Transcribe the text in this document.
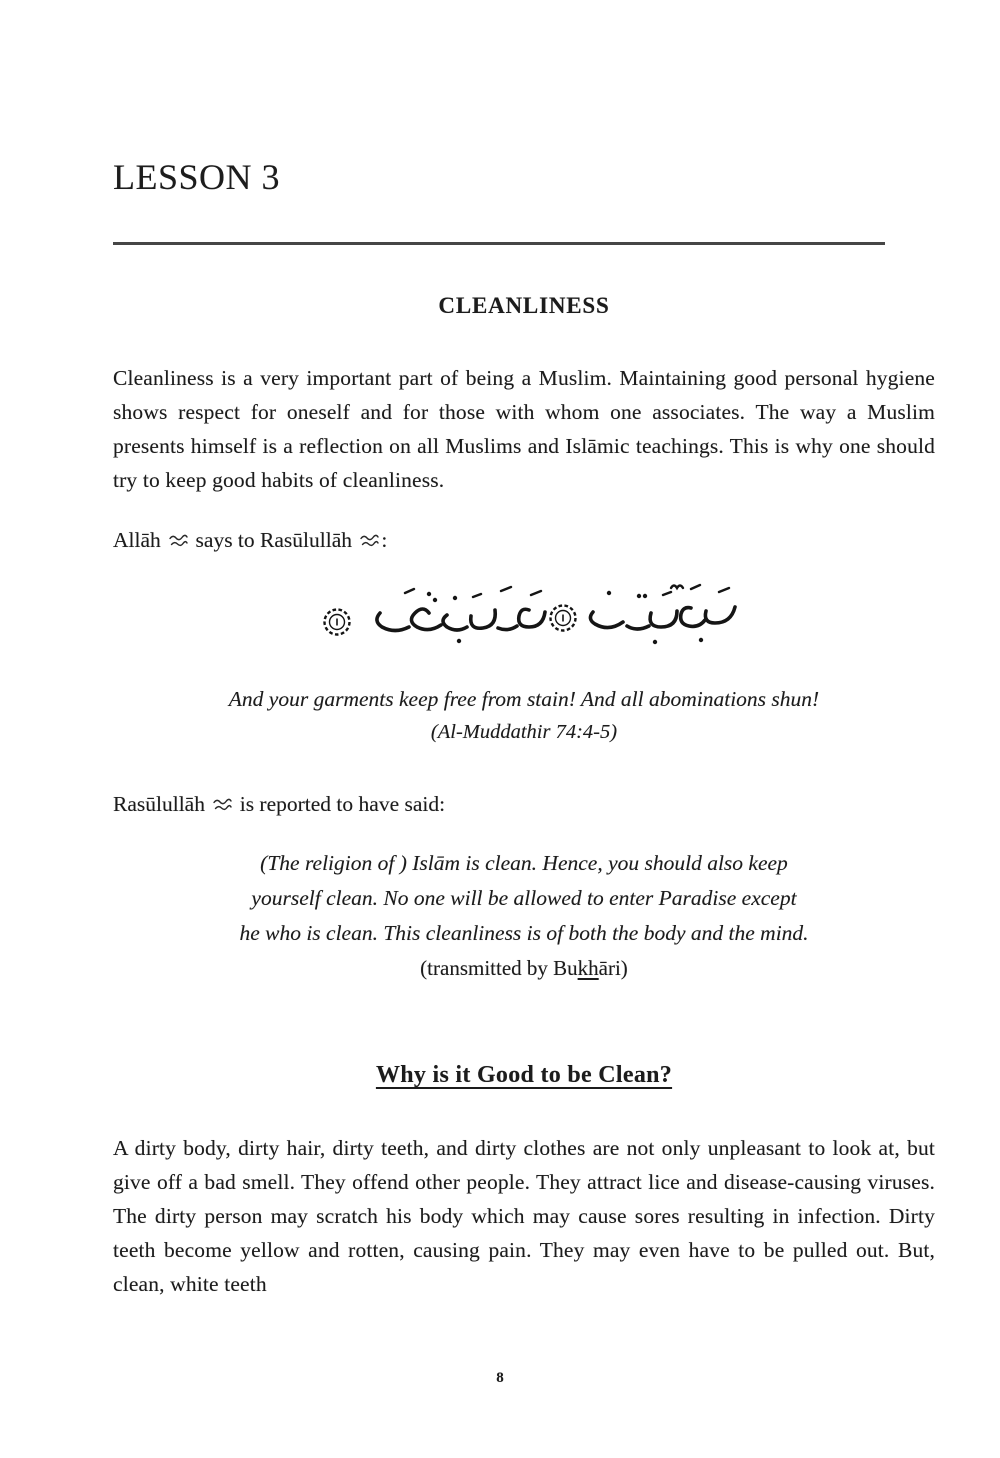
LESSON 3
CLEANLINESS

Cleanliness is a very important part of being a Muslim. Maintaining good personal hygiene shows respect for oneself and for those with whom one associates. The way a Muslim presents himself is a reflection on all Muslims and Islāmic teachings. This is why one should try to keep good habits of cleanliness.

Allāh says to Rasūlullāh :
And your garments keep free from stain! And all abominations shun!
(Al-Muddathir 74:4-5)
Rasūlullāh is reported to have said:
(The religion of ) Islām is clean. Hence, you should also keep
yourself clean. No one will be allowed to enter Paradise except
he who is clean. This cleanliness is of both the body and the mind.
(transmitted by Bukhāri)
Why is it Good to be Clean?

A dirty body, dirty hair, dirty teeth, and dirty clothes are not only unpleasant to look at, but give off a bad smell. They offend other people. They attract lice and disease-causing viruses. The dirty person may scratch his body which may cause sores resulting in infection. Dirty teeth become yellow and rotten, causing pain. They may even have to be pulled out. But, clean, white teeth

8
